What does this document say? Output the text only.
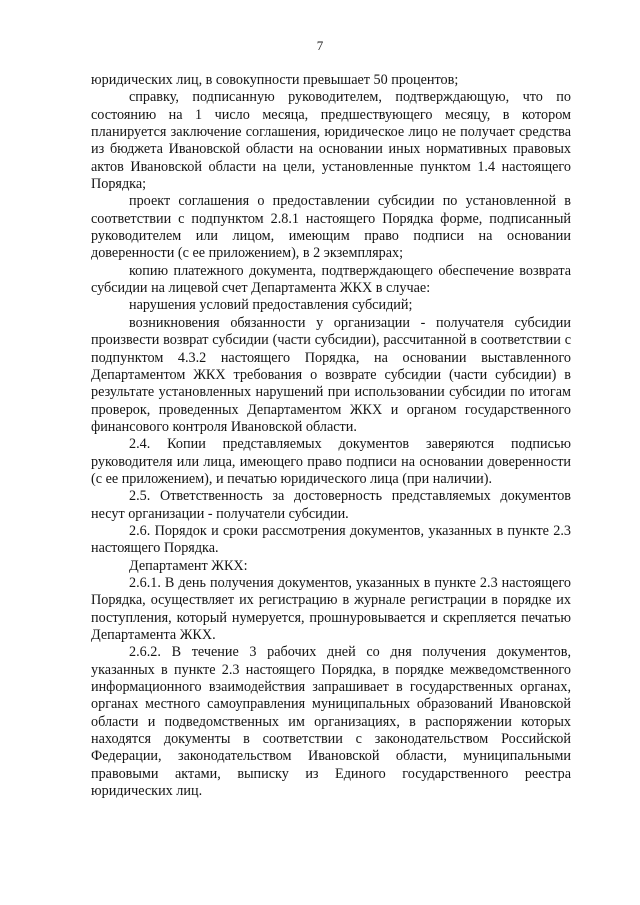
7

юридических лиц, в совокупности превышает 50 процентов;

справку, подписанную руководителем, подтверждающую, что по состоянию на 1 число месяца, предшествующего месяцу, в котором планируется заключение соглашения, юридическое лицо не получает средства из бюджета Ивановской области на основании иных нормативных правовых актов Ивановской области на цели, установленные пунктом 1.4 настоящего Порядка;

проект соглашения о предоставлении субсидии по установленной в соответствии с подпунктом 2.8.1 настоящего Порядка форме, подписанный руководителем или лицом, имеющим право подписи на основании доверенности (с ее приложением), в 2 экземплярах;

копию платежного документа, подтверждающего обеспечение возврата субсидии на лицевой счет Департамента ЖКХ в случае:

нарушения условий предоставления субсидий;

возникновения обязанности у организации - получателя субсидии произвести возврат субсидии (части субсидии), рассчитанной в соответствии с подпунктом 4.3.2 настоящего Порядка, на основании выставленного Департаментом ЖКХ требования о возврате субсидии (части субсидии) в результате установленных нарушений при использовании субсидии по итогам проверок, проведенных Департаментом ЖКХ и органом государственного финансового контроля Ивановской области.

2.4. Копии представляемых документов заверяются подписью руководителя или лица, имеющего право подписи на основании доверенности (с ее приложением), и печатью юридического лица (при наличии).

2.5. Ответственность за достоверность представляемых документов несут организации - получатели субсидии.

2.6. Порядок и сроки рассмотрения документов, указанных в пункте 2.3 настоящего Порядка.

Департамент ЖКХ:

2.6.1. В день получения документов, указанных в пункте 2.3 настоящего Порядка, осуществляет их регистрацию в журнале регистрации в порядке их поступления, который нумеруется, прошнуровывается и скрепляется печатью Департамента ЖКХ.

2.6.2. В течение 3 рабочих дней со дня получения документов, указанных в пункте 2.3 настоящего Порядка, в порядке межведомственного информационного взаимодействия запрашивает в государственных органах, органах местного самоуправления муниципальных образований Ивановской области и подведомственных им организациях, в распоряжении которых находятся документы в соответствии с законодательством Российской Федерации, законодательством Ивановской области, муниципальными правовыми актами, выписку из Единого государственного реестра юридических лиц.
